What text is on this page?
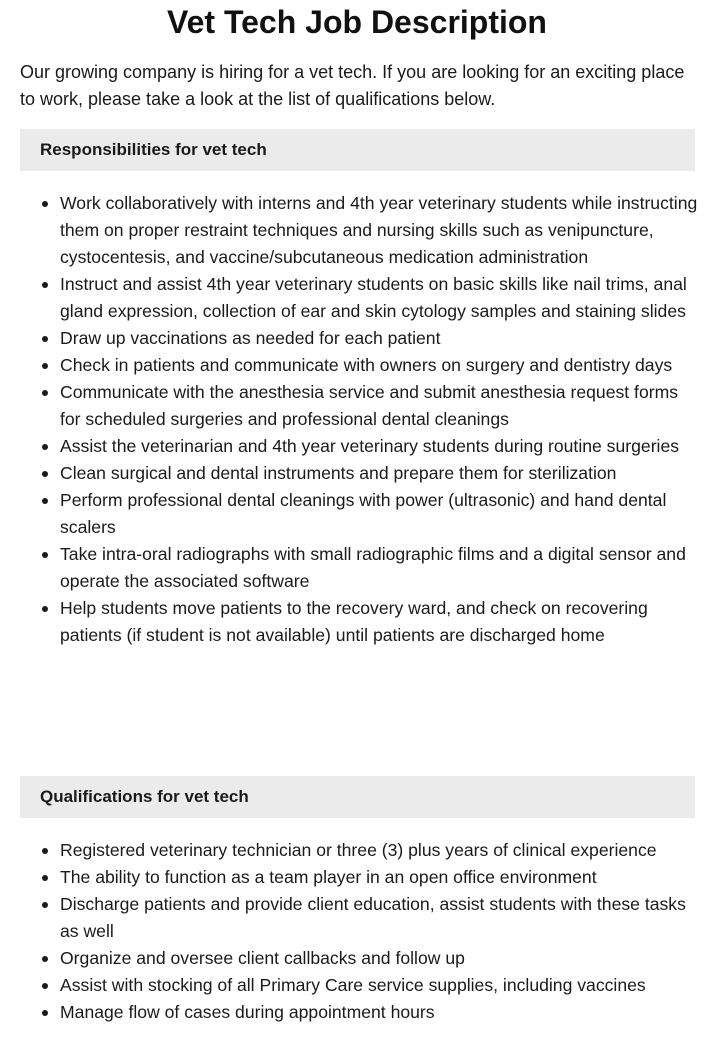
Vet Tech Job Description

Our growing company is hiring for a vet tech. If you are looking for an exciting place to work, please take a look at the list of qualifications below.

Responsibilities for vet tech
Work collaboratively with interns and 4th year veterinary students while instructing them on proper restraint techniques and nursing skills such as venipuncture, cystocentesis, and vaccine/subcutaneous medication administration
Instruct and assist 4th year veterinary students on basic skills like nail trims, anal gland expression, collection of ear and skin cytology samples and staining slides
Draw up vaccinations as needed for each patient
Check in patients and communicate with owners on surgery and dentistry days
Communicate with the anesthesia service and submit anesthesia request forms for scheduled surgeries and professional dental cleanings
Assist the veterinarian and 4th year veterinary students during routine surgeries
Clean surgical and dental instruments and prepare them for sterilization
Perform professional dental cleanings with power (ultrasonic) and hand dental scalers
Take intra-oral radiographs with small radiographic films and a digital sensor and operate the associated software
Help students move patients to the recovery ward, and check on recovering patients (if student is not available) until patients are discharged home
Qualifications for vet tech
Registered veterinary technician or three (3) plus years of clinical experience
The ability to function as a team player in an open office environment
Discharge patients and provide client education, assist students with these tasks as well
Organize and oversee client callbacks and follow up
Assist with stocking of all Primary Care service supplies, including vaccines
Manage flow of cases during appointment hours
